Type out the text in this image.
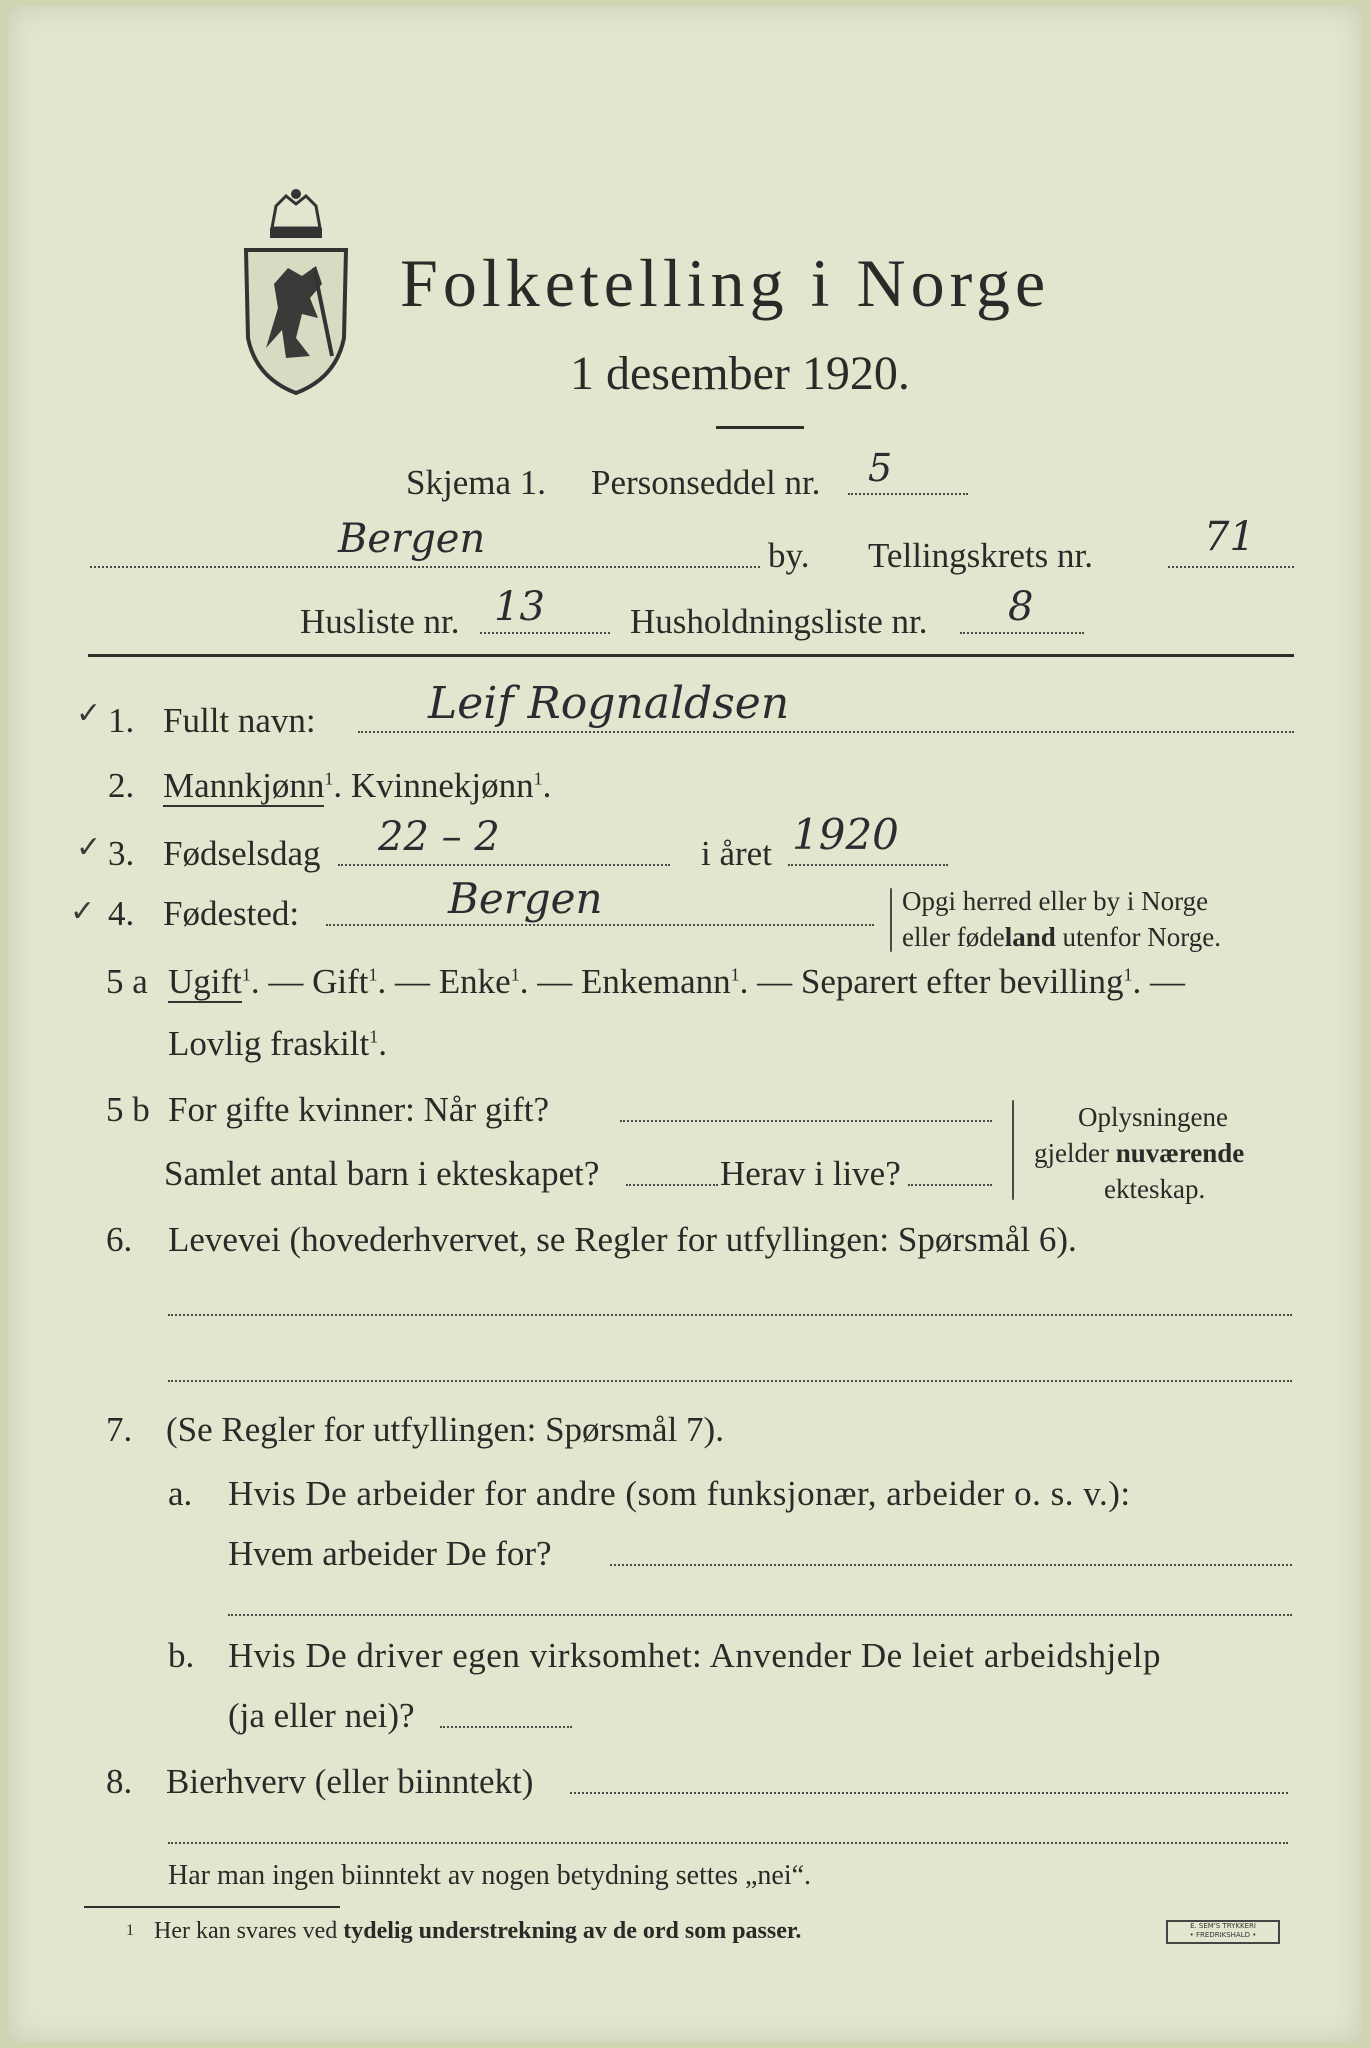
Folketelling i Norge
1 desember 1920.
Skjema 1. Personseddel nr. 5
Bergen	by. Tellingskrets nr.	71
Husliste nr. 13 Husholdningsliste nr. 8
✓ 1. Fullt navn:	Leif Rognaldsen
2. Mannkjønn$^1$. Kvinnekjønn$^1$.
✓ 3. Fødselsdag 22 – 2	i året 1920
✓ 4. Fødested:	Bergen	Opgi herred eller by i Norge
eller fødeland utenfor Norge.
5 a Ugift$^1$. — Gift$^1$. — Enke$^1$. — Enkemann$^1$. — Separert efter bevilling$^1$. —
Lovlig fraskilt$^1$.
5 b For gifte kvinner: Når gift?
Samlet antal barn i ekteskapet?	Herav i live?
Oplysningene
gjelder nuværende
ekteskap.
6. Levevei (hovederhvervet, se Regler for utfyllingen: Spørsmål 6).
7. (Se Regler for utfyllingen: Spørsmål 7).
a. Hvis De arbeider for andre (som funksjonær, arbeider o. s. v.):
Hvem arbeider De for?
b. Hvis De driver egen virksomhet: Anvender De leiet arbeidshjelp
(ja eller nei)?
8. Bierhverv (eller biinntekt)
Har man ingen biinntekt av nogen betydning settes „nei“.
1 Her kan svares ved tydelig understrekning av de ord som passer.	E. SEM'S TRYKKERI
• FREDRIKSHALD •
